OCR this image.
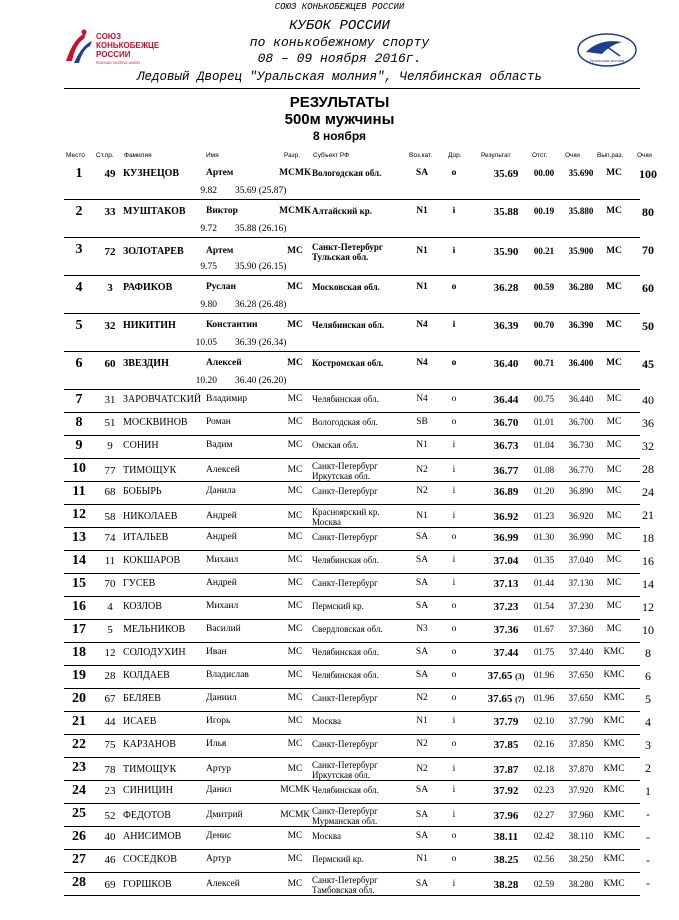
СОЮЗ КОНЬКОБЕЖЦЕВ РОССИИ
СОЮЗ
КОНЬКОБЕЖЦЕВ
РОССИИ
RUSSIAN SKATING UNION	Уральская молния
КУБОК РОССИИ
по конькобежному спорту
08 – 09 ноября 2016г.
Ледовый Дворец "Уральская молния", Челябинская область
РЕЗУЛЬТАТЫ
500м мужчины
8 ноября
Место Ст.пр. Фамилия	Имя	Разр. Субъект РФ	Воз.кат. Дор.	Результат	Отст.	Очки	Вып.раз. Очки
1	49 КУЗНЕЦОВ	Артем	МСМК Вологодская обл.	SA	o	35.69	00.00	35.690	МС	100
9.82 35.69 (25.87)
2	33 МУШТАКОВ Виктор	МСМК Алтайский кр.	N1	i	35.88	00.19	35.880	МС	80
9.72 35.88 (26.16)
3	72 ЗОЛОТАРЕВ Артем	МС	Санкт-Петербург
Тульская обл.
N1	i	35.90	00.21	35.900	МС	70
9.75 35.90 (26.15)
4	3	РАФИКОВ	Руслан	МС	Московская обл.	N1	o	36.28	00.59	36.280	МС	60
9.80 36.28 (26.48)
5	32 НИКИТИН	Константин	МС	Челябинская обл.	N4	i	36.39	00.70	36.390	МС	50
10.05 36.39 (26.34)
6	60 ЗВЕЗДИН	Алексей	МС	Костромская обл.	N4	o	36.40	00.71	36.400	МС	45
10.20 36.40 (26.20)
7	31 ЗАРОВЧАТСКИЙ Владимир	МС	Челябинская обл.	N4	o	36.44	00.75	36.440	МС	40
8	51 МОСКВИНОВ Роман	МС	Вологодская обл.	SB	o	36.70	01.01	36.700	МС	36
9	9	СОНИН	Вадим	МС	Омская обл.	N1	i	36.73	01.04	36.730	МС	32
10	77 ТИМОЩУК	Алексей	МС	Санкт-Петербург
Иркутская обл.
N2	i	36.77	01.08	36.770	МС	28
11	68 БОБЫРЬ	Данила	МС	Санкт-Петербург	N2	i	36.89	01.20	36.890	МС	24
12	58 НИКОЛАЕВ	Андрей	МС	Красноярский кр.
Москва
N1	i	36.92	01.23	36.920	МС	21
13	74 ИТАЛЬЕВ	Андрей	МС	Санкт-Петербург	SA	o	36.99	01.30	36.990	МС	18
14	11 КОКШАРОВ	Михаил	МС	Челябинская обл.	SA	i	37.04	01.35	37.040	МС	16
15	70 ГУСЕВ	Андрей	МС	Санкт-Петербург	SA	i	37.13	01.44	37.130	МС	14
16	4	КОЗЛОВ	Михаил	МС	Пермский кр.	SA	o	37.23	01.54	37.230	МС	12
17	5	МЕЛЬНИКОВ Василий	МС	Свердловская обл.	N3	o	37.36	01.67	37.360	МС	10
18	12 СОЛОДУХИН Иван	МС	Челябинская обл.	SA	o	37.44	01.75	37.440	КМС	8
19	28 КОЛДАЕВ	Владислав	МС	Челябинская обл.	SA	o	37.65 (3)	01.96	37.650	КМС	6
20	67 БЕЛЯЕВ	Даниил	МС	Санкт-Петербург	N2	o	37.65 (7)	01.96	37.650	КМС	5
21	44 ИСАЕВ	Игорь	МС	Москва	N1	i	37.79	02.10	37.790	КМС	4
22	75 КАРЗАНОВ	Илья	МС	Санкт-Петербург	N2	o	37.85	02.16	37.850	КМС	3
23	78 ТИМОЩУК	Артур	МС	Санкт-Петербург
Иркутская обл.
N2	i	37.87	02.18	37.870	КМС	2
24	23 СИНИЦИН	Данил	МСМК Челябинская обл.	SA	i	37.92	02.23	37.920	КМС	1
25	52 ФЕДОТОВ	Дмитрий	МСМК Санкт-Петербург
Мурманская обл.
SA	i	37.96	02.27	37.960	КМС	-
26	40 АНИСИМОВ	Денис	МС	Москва	SA	o	38.11	02.42	38.110	КМС	-
27	46 СОСЕДКОВ	Артур	МС	Пермский кр.	N1	o	38.25	02.56	38.250	КМС	-
28	69 ГОРШКОВ	Алексей	МС	Санкт-Петербург
Тамбовская обл.
SA	i	38.28	02.59	38.280	КМС	-
